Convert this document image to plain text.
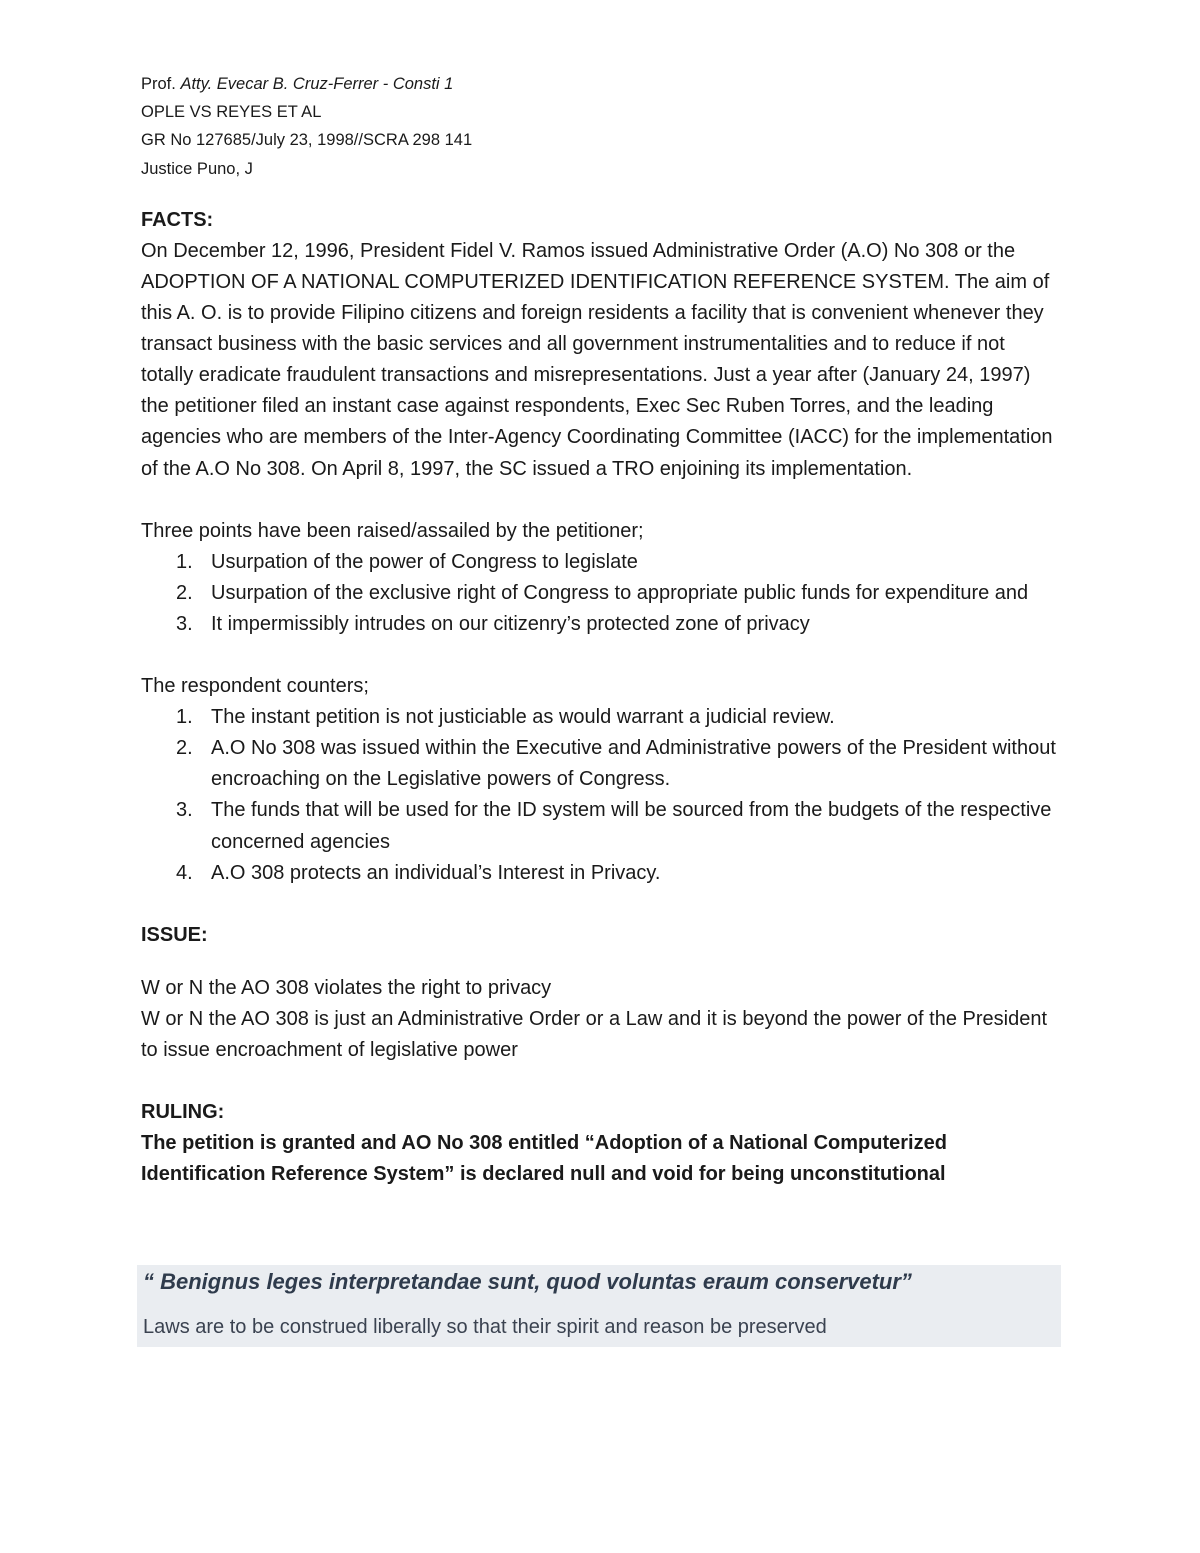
Prof. Atty. Evecar B. Cruz-Ferrer - Consti 1
OPLE VS REYES ET AL
GR No 127685/July 23, 1998//SCRA 298 141
Justice Puno, J
FACTS:
On December 12, 1996, President Fidel V. Ramos issued Administrative Order (A.O) No 308 or the ADOPTION OF A NATIONAL COMPUTERIZED IDENTIFICATION REFERENCE SYSTEM. The aim of this A. O. is to provide Filipino citizens and foreign residents a facility that is convenient whenever they transact business with the basic services and all government instrumentalities and to reduce if not totally eradicate fraudulent transactions and misrepresentations. Just a year after (January 24, 1997) the petitioner filed an instant case against respondents, Exec Sec Ruben Torres, and the leading agencies who are members of the Inter-Agency Coordinating Committee (IACC) for the implementation of the A.O No 308. On April 8, 1997, the SC issued a TRO enjoining its implementation.
Three points have been raised/assailed by the petitioner;
1. Usurpation of the power of Congress to legislate
2. Usurpation of the exclusive right of Congress to appropriate public funds for expenditure and
3. It impermissibly intrudes on our citizenry’s protected zone of privacy
The respondent counters;
1. The instant petition is not justiciable as would warrant a judicial review.
2. A.O No 308 was issued within the Executive and Administrative powers of the President without encroaching on the Legislative powers of Congress.
3. The funds that will be used for the ID system will be sourced from the budgets of the respective concerned agencies
4. A.O 308 protects an individual’s Interest in Privacy.
ISSUE:
W or N the AO 308 violates the right to privacy
W or N the AO 308 is just an Administrative Order or a Law and it is beyond the power of the President to issue encroachment of legislative power
RULING:
The petition is granted and AO No 308 entitled “Adoption of a National Computerized Identification Reference System” is declared null and void for being unconstitutional
“ Benignus leges interpretandae sunt, quod voluntas eraum conservetur”
Laws are to be construed liberally so that their spirit and reason be preserved
